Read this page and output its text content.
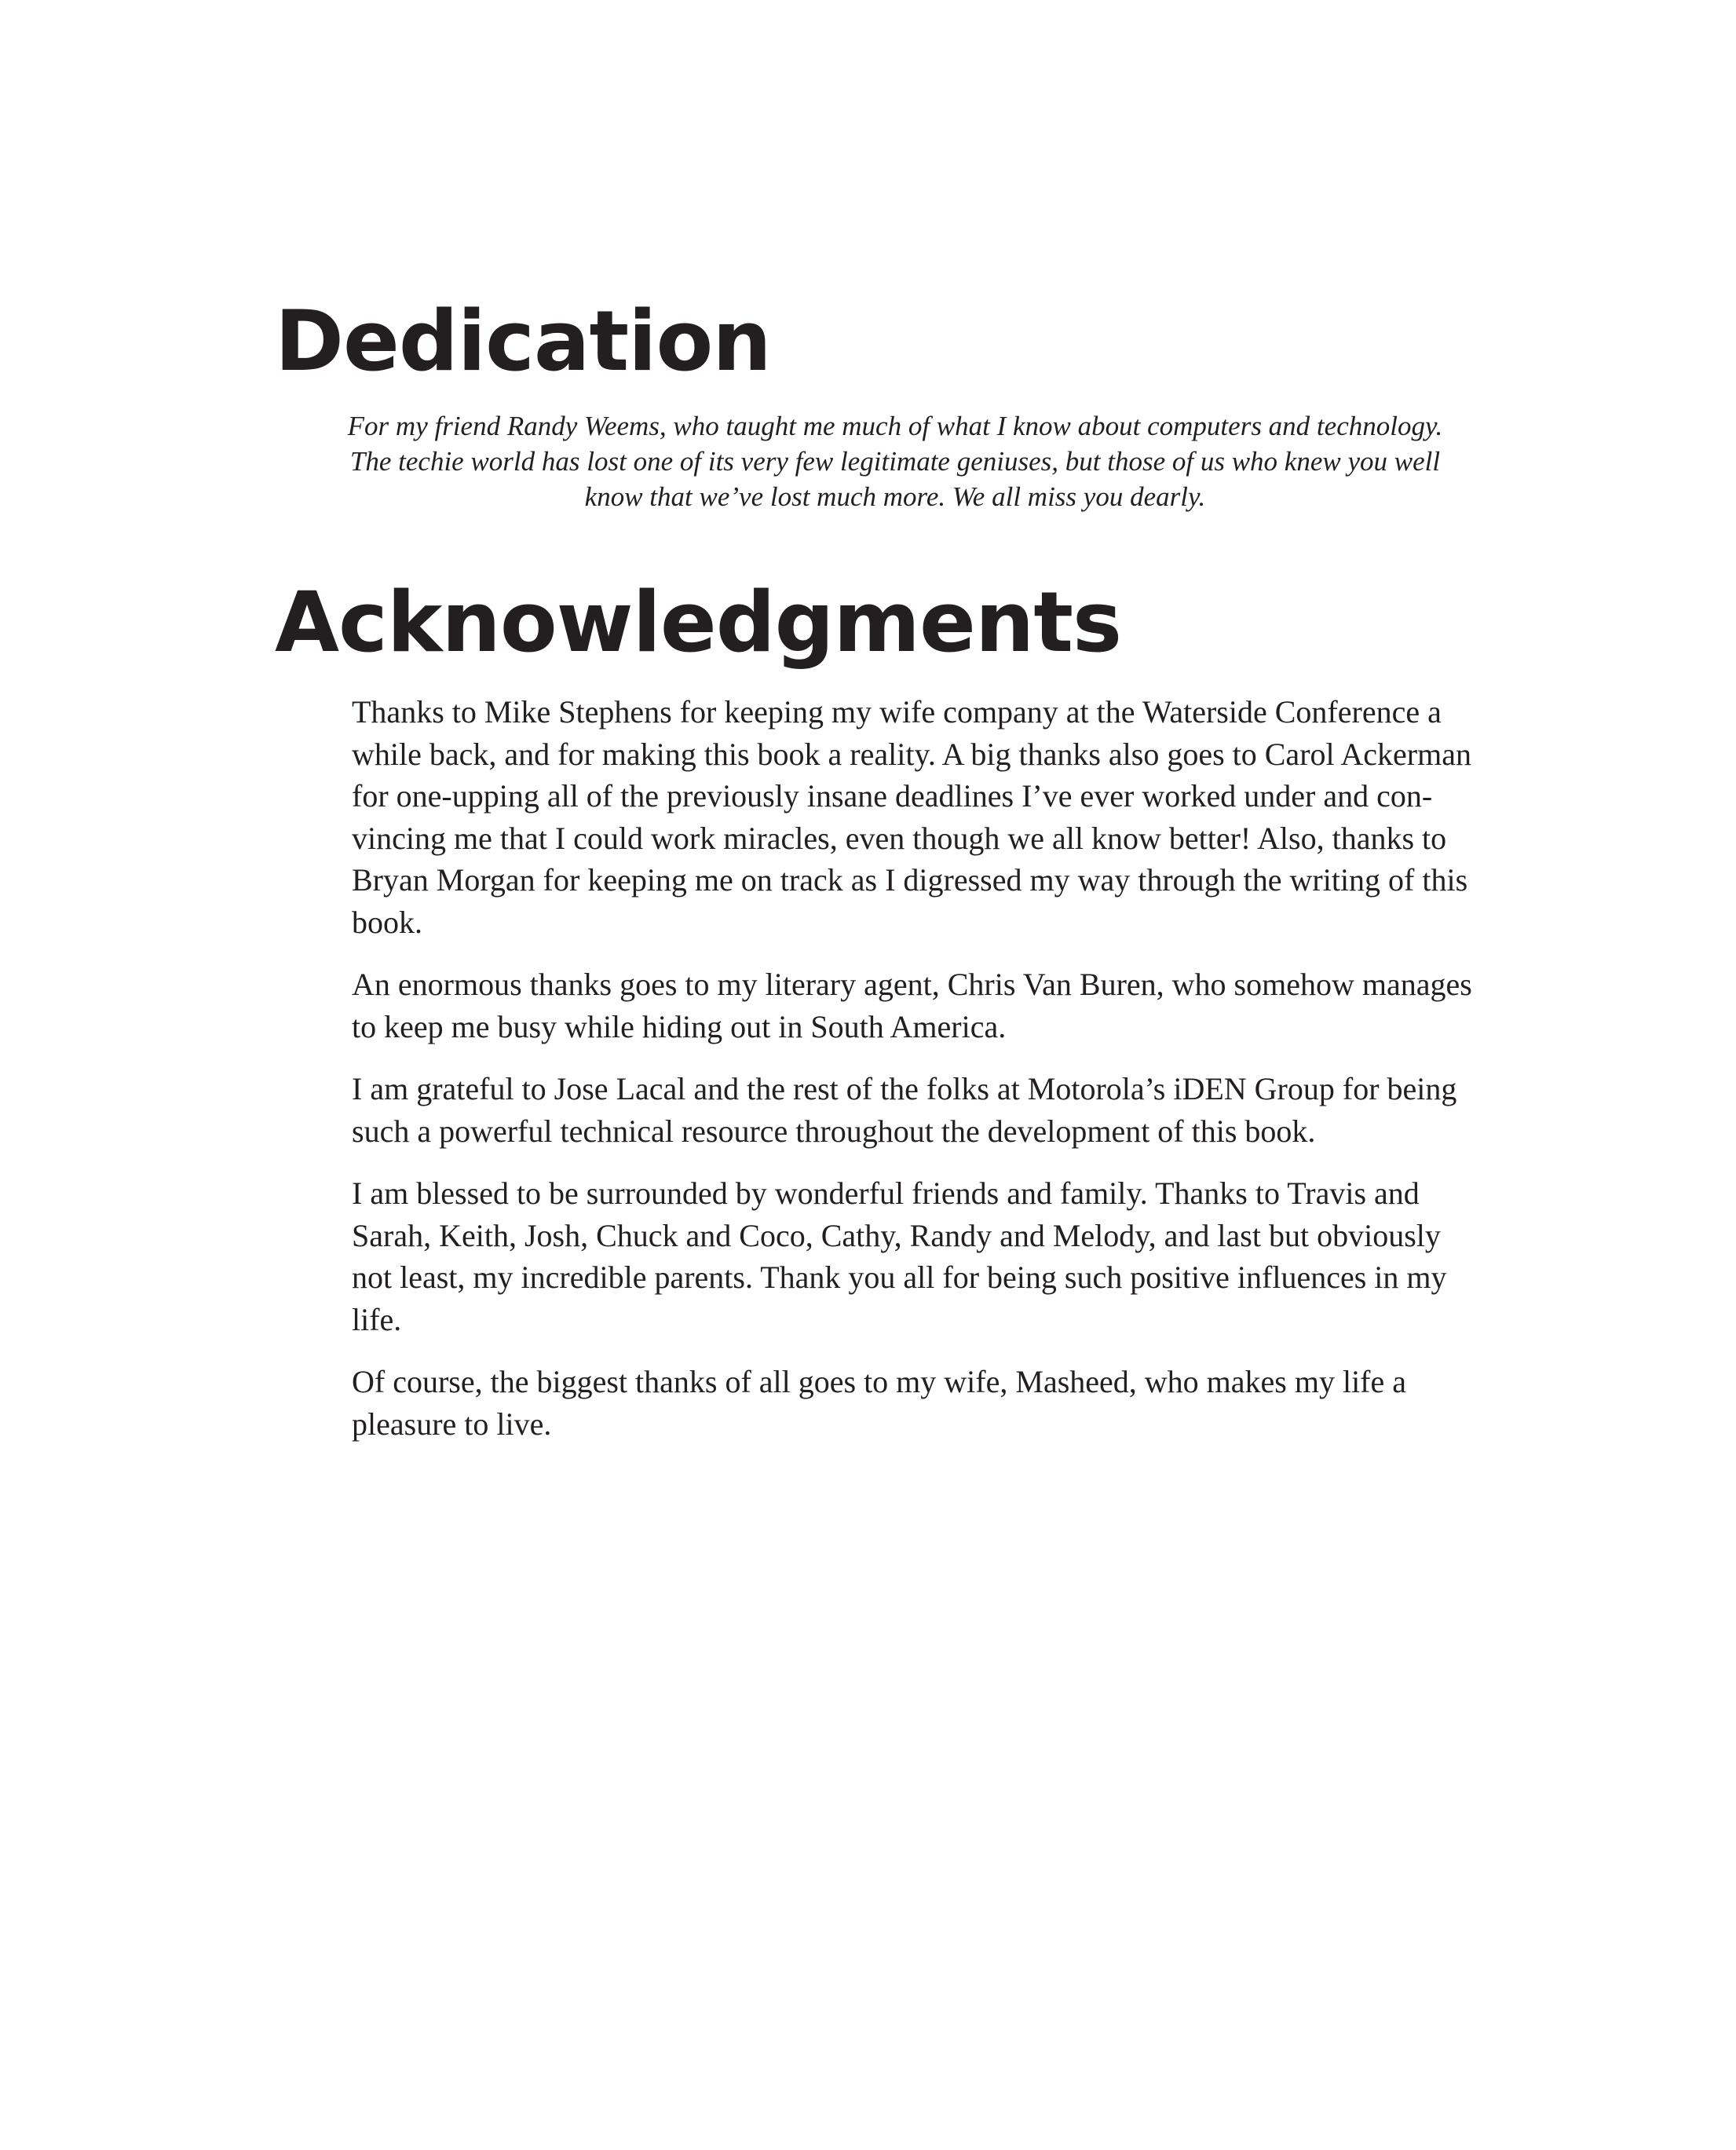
Dedication

For my friend Randy Weems, who taught me much of what I know about computers and technology.
The techie world has lost one of its very few legitimate geniuses, but those of us who knew you well
know that we’ve lost much more. We all miss you dearly.

Acknowledgments

Thanks to Mike Stephens for keeping my wife company at the Waterside Conference a
while back, and for making this book a reality. A big thanks also goes to Carol Ackerman
for one-upping all of the previously insane deadlines I’ve ever worked under and con-
vincing me that I could work miracles, even though we all know better! Also, thanks to
Bryan Morgan for keeping me on track as I digressed my way through the writing of this
book.

An enormous thanks goes to my literary agent, Chris Van Buren, who somehow manages
to keep me busy while hiding out in South America.

I am grateful to Jose Lacal and the rest of the folks at Motorola’s iDEN Group for being
such a powerful technical resource throughout the development of this book.

I am blessed to be surrounded by wonderful friends and family. Thanks to Travis and
Sarah, Keith, Josh, Chuck and Coco, Cathy, Randy and Melody, and last but obviously
not least, my incredible parents. Thank you all for being such positive influences in my
life.

Of course, the biggest thanks of all goes to my wife, Masheed, who makes my life a
pleasure to live.
